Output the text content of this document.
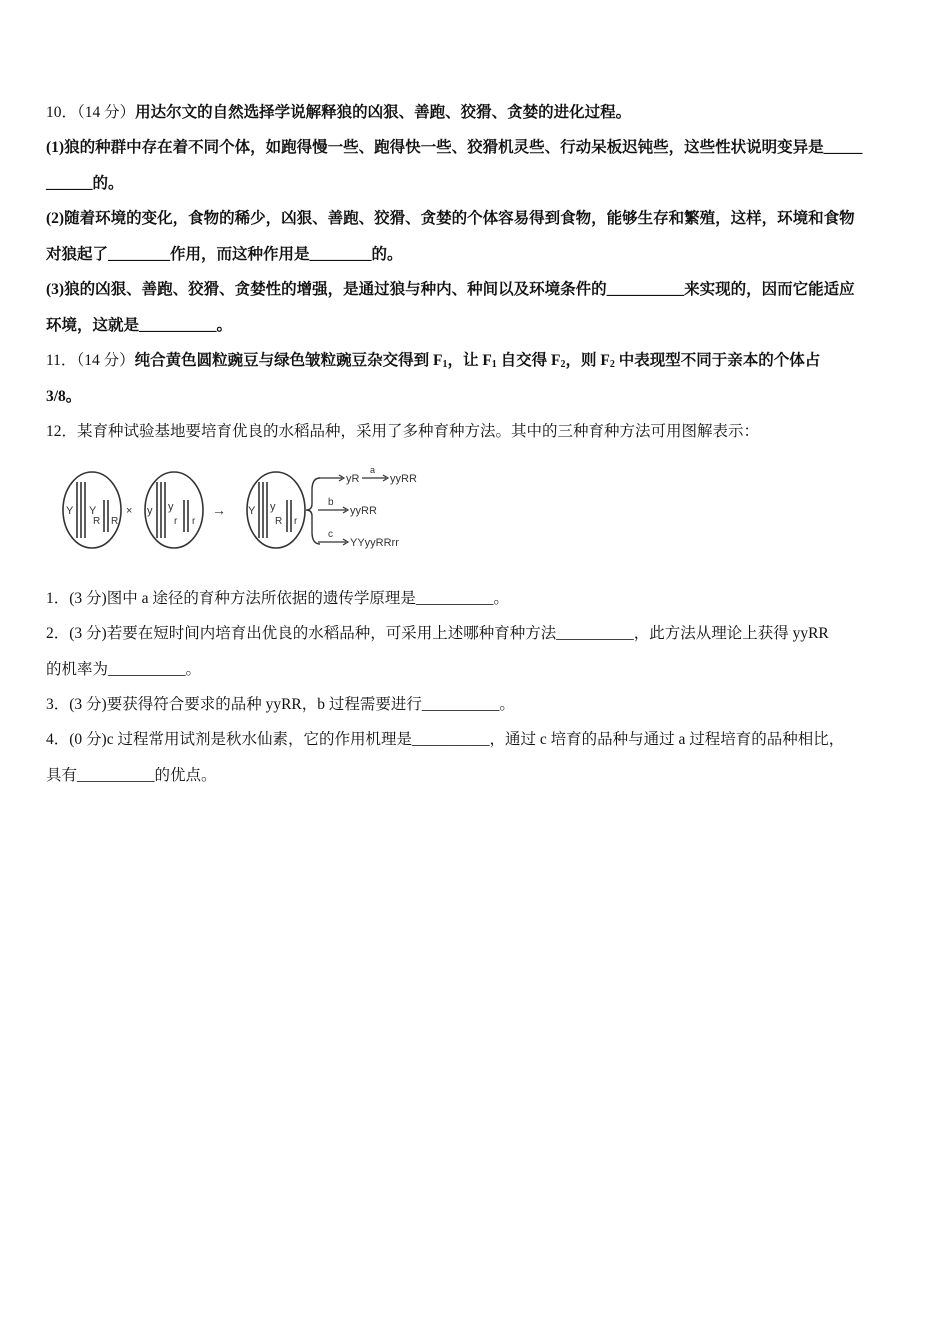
10．（14 分）用达尔文的自然选择学说解释狼的凶狠、善跑、狡猾、贪婪的进化过程。
(1)狼的种群中存在着不同个体，如跑得慢一些、跑得快一些、狡猾机灵些、行动呆板迟钝些，这些性状说明变异是_____
______的。
(2)随着环境的变化，食物的稀少，凶狠、善跑、狡猾、贪婪的个体容易得到食物，能够生存和繁殖，这样，环境和食物
对狼起了________作用，而这种作用是________的。
(3)狼的凶狠、善跑、狡猾、贪婪性的增强，是通过狼与种内、种间以及环境条件的__________来实现的，因而它能适应
环境，这就是__________。
11．（14 分）纯合黄色圆粒豌豆与绿色皱粒豌豆杂交得到 $F_1$，让 $F_1$ 自交得 $F_2$，则 $F_2$ 中表现型不同于亲本的个体占
3/8。
12．某育种试验基地要培育优良的水稻品种，采用了多种育种方法。其中的三种育种方法可用图解表示：
Y Y
R R
× y y
r r
→ Y y
R r
yR
a
yyRR
b
yyRR
c
YYyyRRrr
1．(3 分)图中 a 途径的育种方法所依据的遗传学原理是__________。
2．(3 分)若要在短时间内培育出优良的水稻品种，可采用上述哪种育种方法__________，此方法从理论上获得 yyRR
的机率为__________。
3．(3 分)要获得符合要求的品种 yyRR，b 过程需要进行__________。
4．(0 分)c 过程常用试剂是秋水仙素，它的作用机理是__________，通过 c 培育的品种与通过 a 过程培育的品种相比，
具有__________的优点。
